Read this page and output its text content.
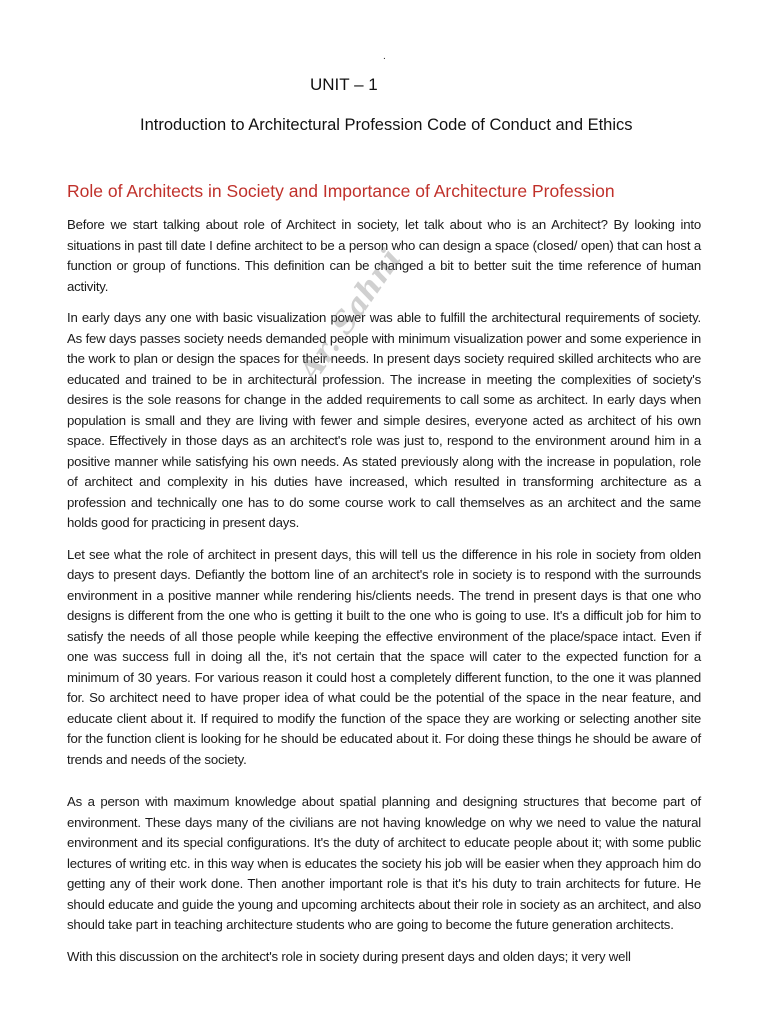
.
UNIT – 1
Introduction to Architectural Profession Code of Conduct and Ethics
Role of Architects in Society and Importance of Architecture Profession

Before we start talking about role of Architect in society, let talk about who is an Architect? By looking into situations in past till date I define architect to be a person who can design a space (closed/ open) that can host a function or group of functions. This definition can be changed a bit to better suit the time reference of human activity.

In early days any one with basic visualization power was able to fulfill the architectural requirements of society. As few days passes society needs demanded people with minimum visualization power and some experience in the work to plan or design the spaces for their needs. In present days society required skilled architects who are educated and trained to be in architectural profession. The increase in meeting the complexities of society's desires is the sole reasons for change in the added requirements to call some as architect. In early days when population is small and they are living with fewer and simple desires, everyone acted as architect of his own space. Effectively in those days as an architect's role was just to, respond to the environment around him in a positive manner while satisfying his own needs. As stated previously along with the increase in population, role of architect and complexity in his duties have increased, which resulted in transforming architecture as a profession and technically one has to do some course work to call themselves as an architect and the same holds good for practicing in present days.

Let see what the role of architect in present days, this will tell us the difference in his role in society from olden days to present days. Defiantly the bottom line of an architect's role in society is to respond with the surrounds environment in a positive manner while rendering his/clients needs. The trend in present days is that one who designs is different from the one who is getting it built to the one who is going to use. It's a difficult job for him to satisfy the needs of all those people while keeping the effective environment of the place/space intact. Even if one was success full in doing all the, it's not certain that the space will cater to the expected function for a minimum of 30 years. For various reason it could host a completely different function, to the one it was planned for. So architect need to have proper idea of what could be the potential of the space in the near feature, and educate client about it. If required to modify the function of the space they are working or selecting another site for the function client is looking for he should be educated about it. For doing these things he should be aware of trends and needs of the society.

As a person with maximum knowledge about spatial planning and designing structures that become part of environment. These days many of the civilians are not having knowledge on why we need to value the natural environment and its special configurations. It's the duty of architect to educate people about it; with some public lectures of writing etc. in this way when is educates the society his job will be easier when they approach him do getting any of their work done. Then another important role is that it's his duty to train architects for future. He should educate and guide the young and upcoming architects about their role in society as an architect, and also should take part in teaching architecture students who are going to become the future generation architects.

With this discussion on the architect's role in society during present days and olden days; it very well

Ar. Sahni
